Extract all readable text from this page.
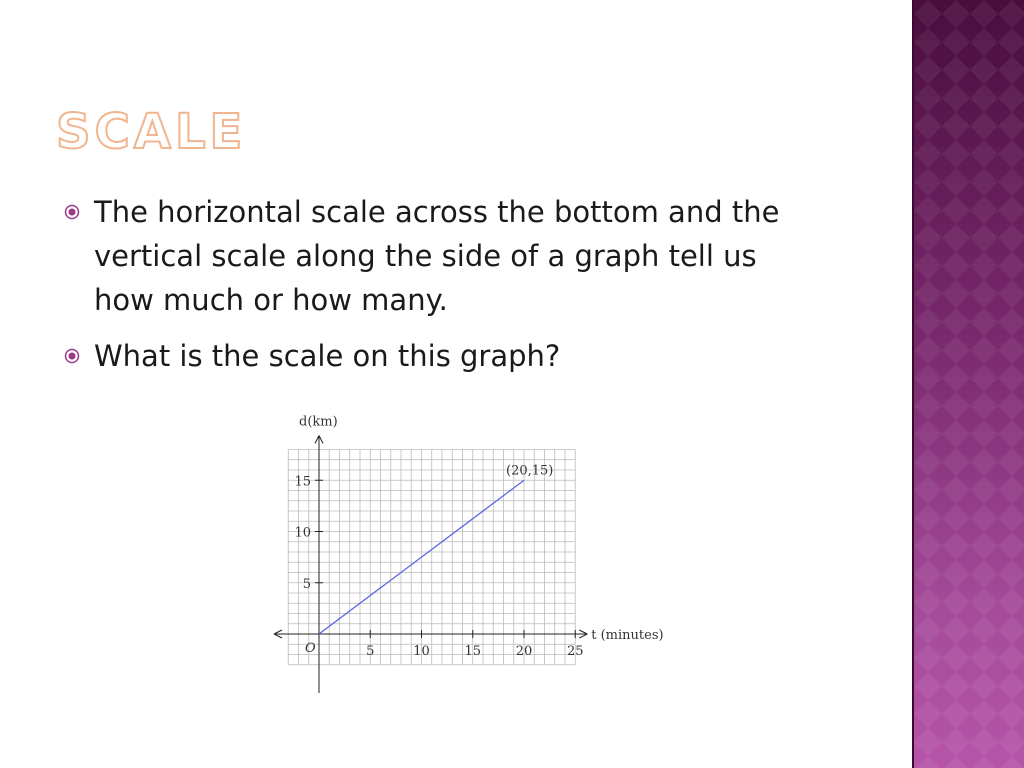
SCALE
The horizontal scale across the bottom and the vertical scale along the side of a graph tell us how much or how many.
What is the scale on this graph?
5	10	15	20	25
5
10
15
O
d(km)
t (minutes)
(20,15)
